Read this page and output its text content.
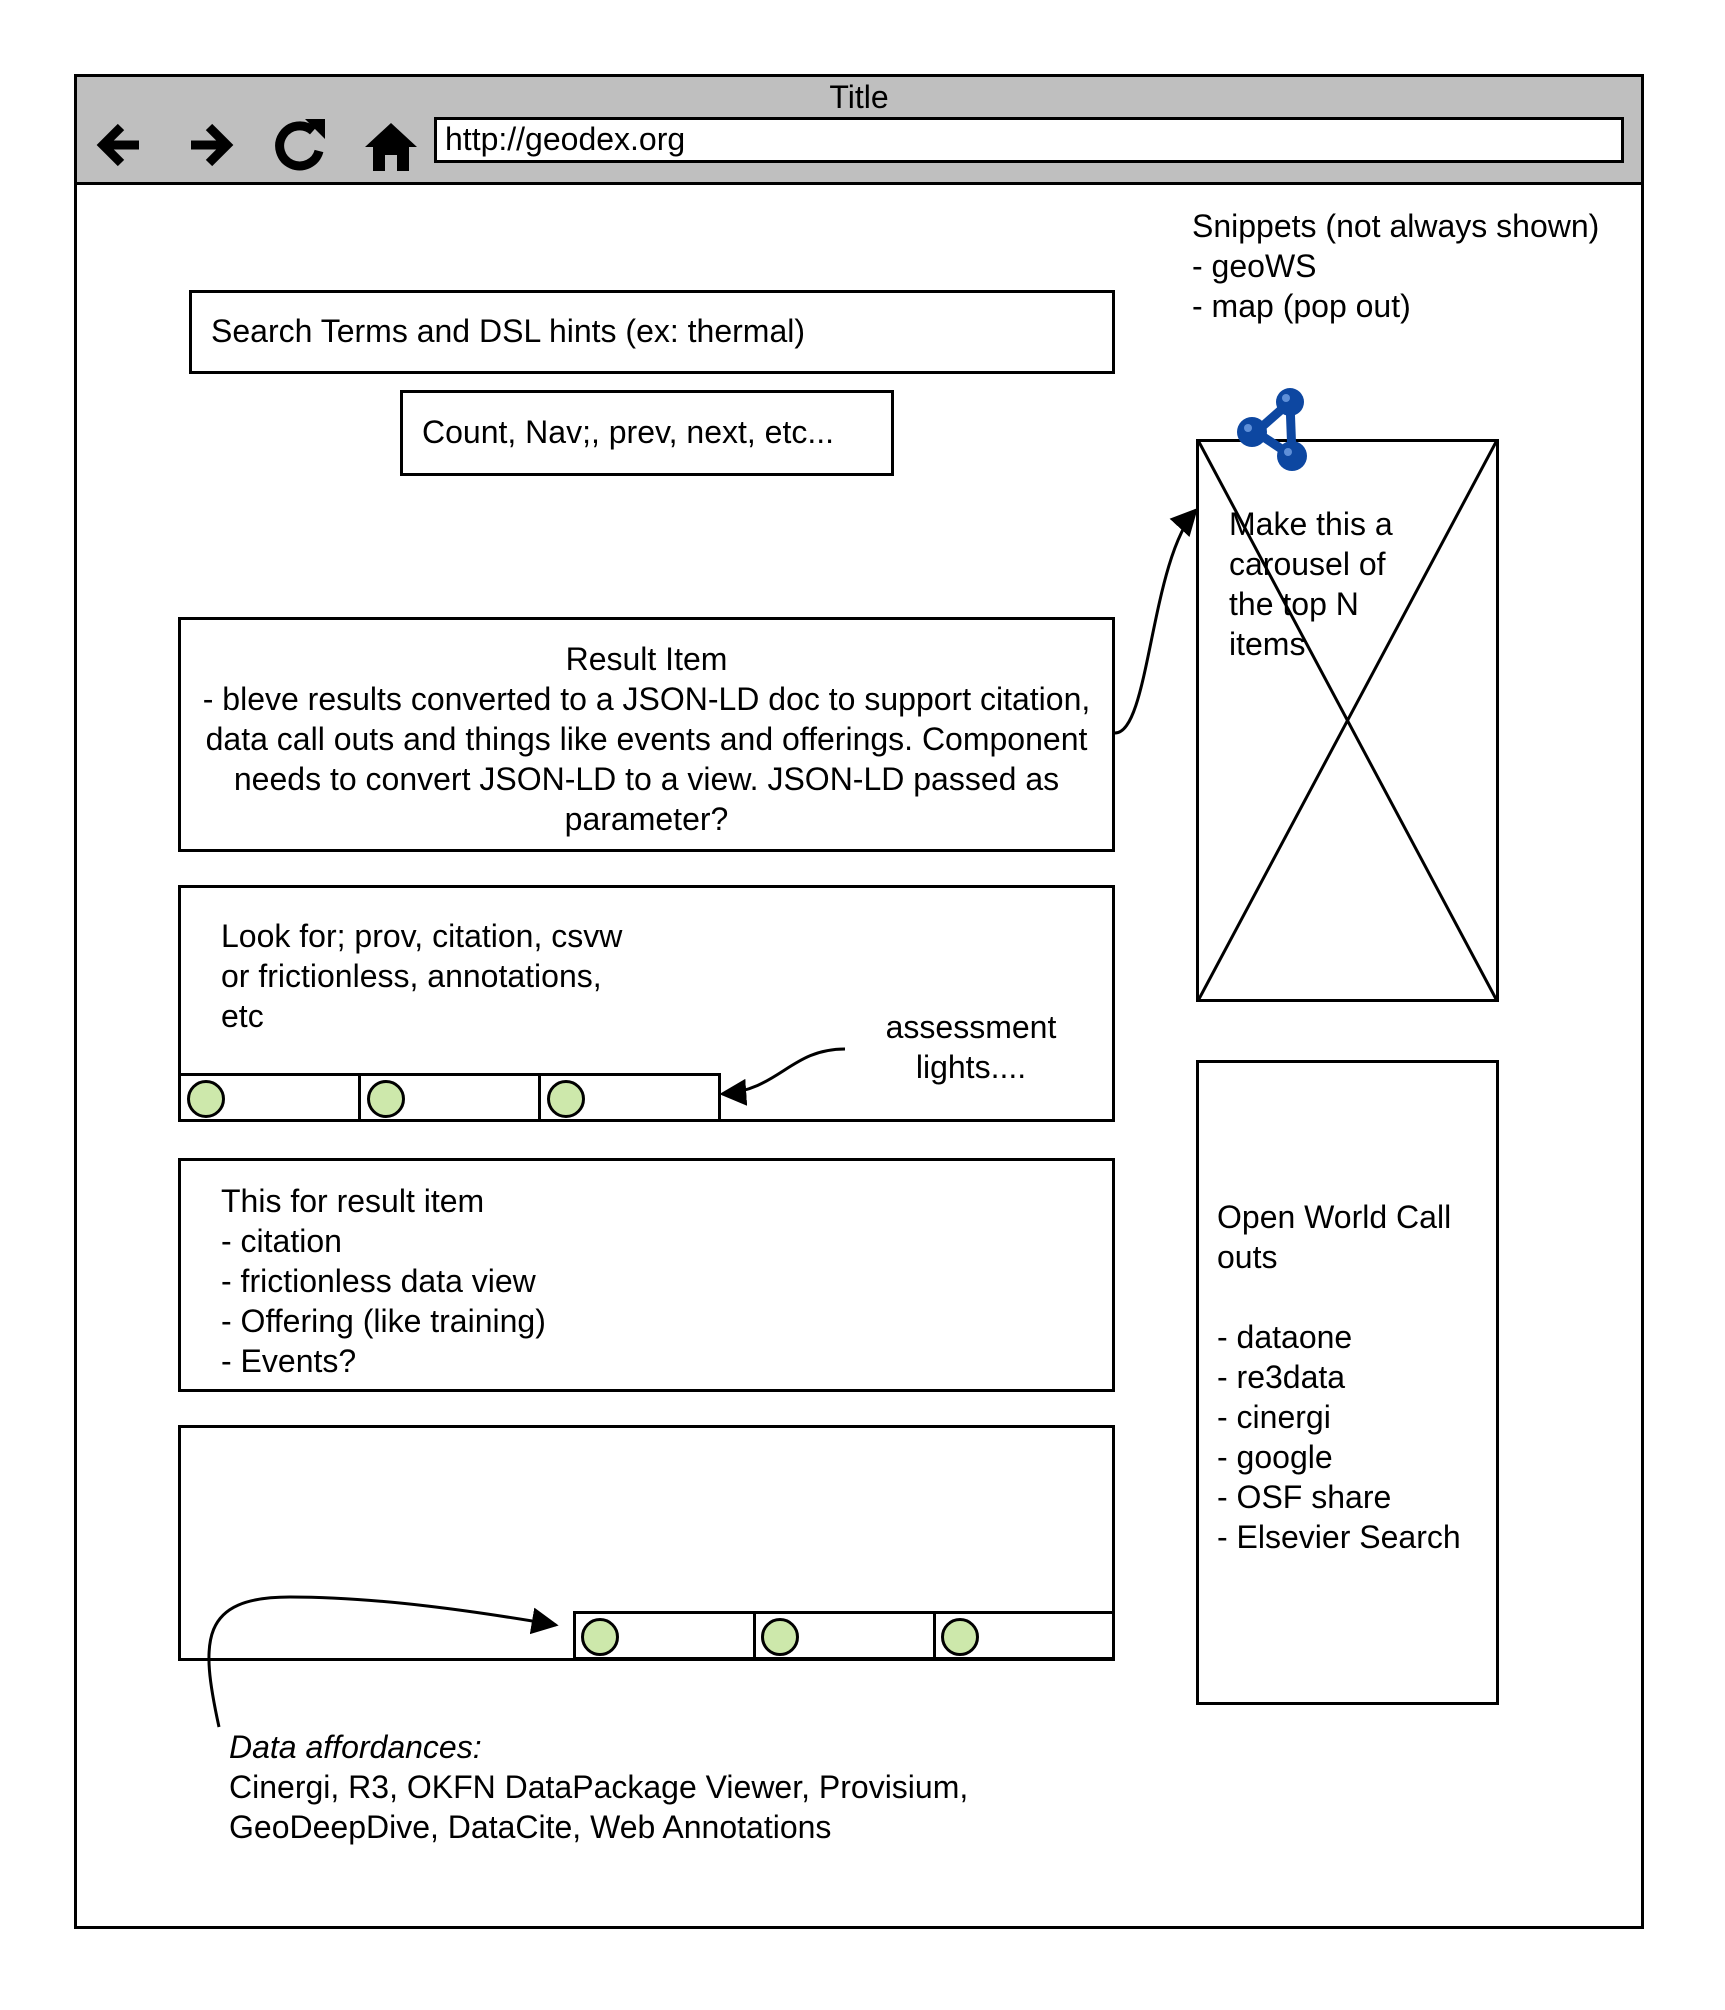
Title
http://geodex.org
Search Terms and DSL hints (ex: thermal)
Count, Nav;, prev, next, etc...
Result Item
- bleve results converted to a JSON-LD doc to support citation, data call outs and things like events and offerings. Component needs to convert JSON-LD to a view. JSON-LD passed as parameter?
Look for; prov, citation, csvw
or frictionless, annotations,
etc	assessment
lights....
This for result item
- citation
- frictionless data view
- Offering (like training)
- Events?
Data affordances:
Cinergi, R3, OKFN DataPackage Viewer, Provisium,
GeoDeepDive, DataCite, Web Annotations
Snippets (not always shown)
- geoWS
- map (pop out)
Make this a
carousel of
the top N
items
Open World Call
outs

- dataone
- re3data
- cinergi
- google
- OSF share
- Elsevier Search
